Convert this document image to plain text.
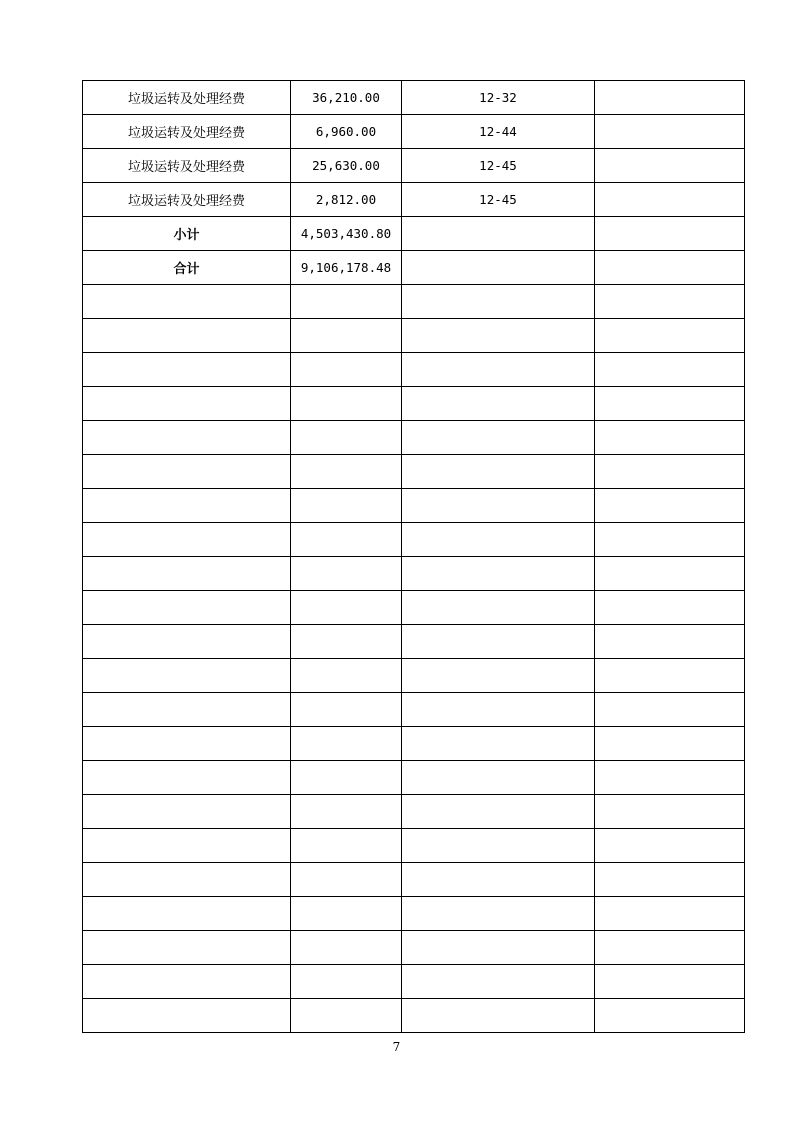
垃圾运转及处理经费	36,210.00	12-32	
垃圾运转及处理经费	6,960.00	12-44	
垃圾运转及处理经费	25,630.00	12-45	
垃圾运转及处理经费	2,812.00	12-45	
小计	4,503,430.80		
合计	9,106,178.48		

7
